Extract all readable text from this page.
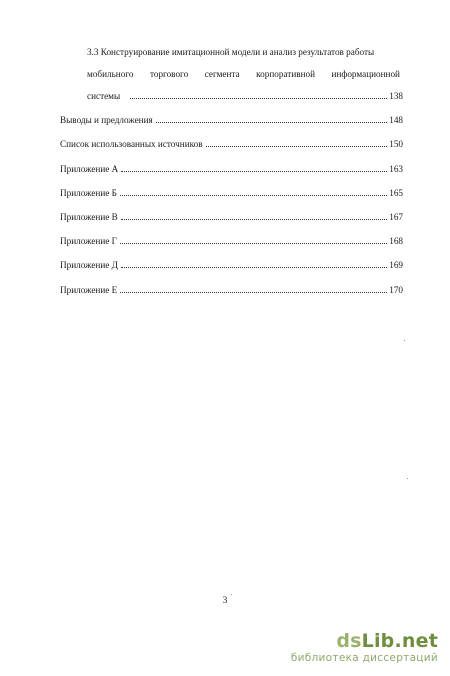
3.3 Конструирование имитационной модели и анализ результатов работы
мобильного торгового сегмента корпоративной информационной
системы	138
Выводы и предложения	148
Список использованных источников	150
Приложение А	163
Приложение Б	165
Приложение В	167
Приложение Г	168
Приложение Д	169
Приложение Е	170
3
dsLib.net
библиотека диссертаций
